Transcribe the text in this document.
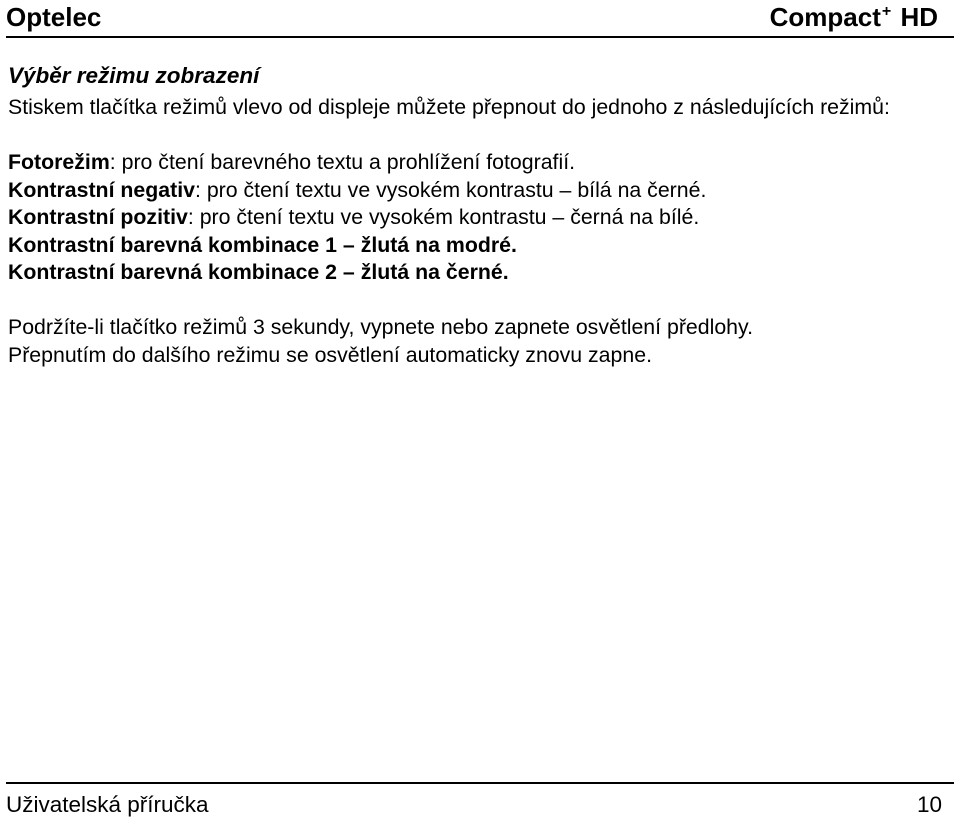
Optelec	Compact+ HD
Výběr režimu zobrazení

Stiskem tlačítka režimů vlevo od displeje můžete přepnout do jednoho z následujících režimů:

Fotorežim: pro čtení barevného textu a prohlížení fotografií.

Kontrastní negativ: pro čtení textu ve vysokém kontrastu – bílá na černé.

Kontrastní pozitiv: pro čtení textu ve vysokém kontrastu – černá na bílé.

Kontrastní barevná kombinace 1 – žlutá na modré.

Kontrastní barevná kombinace 2 – žlutá na černé.

Podržíte-li tlačítko režimů 3 sekundy, vypnete nebo zapnete osvětlení předlohy.

Přepnutím do dalšího režimu se osvětlení automaticky znovu zapne.

Uživatelská příručka	10
